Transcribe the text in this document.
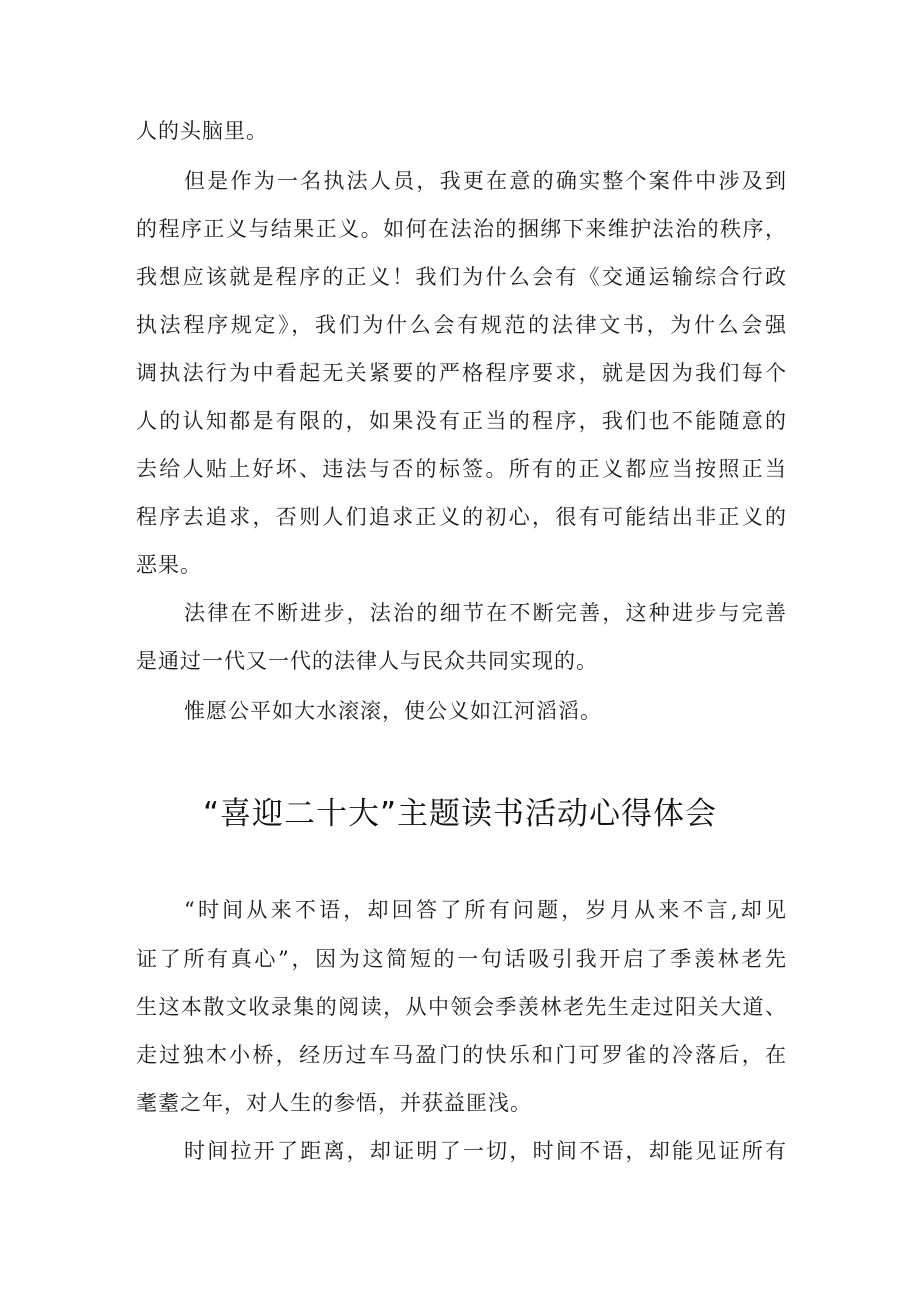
人的头脑里。
但是作为一名执法人员，我更在意的确实整个案件中涉及到
的程序正义与结果正义。如何在法治的捆绑下来维护法治的秩序，
我想应该就是程序的正义！我们为什么会有《交通运输综合行政
执法程序规定》，我们为什么会有规范的法律文书，为什么会强
调执法行为中看起无关紧要的严格程序要求，就是因为我们每个
人的认知都是有限的，如果没有正当的程序，我们也不能随意的
去给人贴上好坏、违法与否的标签。所有的正义都应当按照正当
程序去追求，否则人们追求正义的初心，很有可能结出非正义的
恶果。
法律在不断进步，法治的细节在不断完善，这种进步与完善
是通过一代又一代的法律人与民众共同实现的。
惟愿公平如大水滚滚，使公义如江河滔滔。
“喜迎二十大”主题读书活动心得体会
“时间从来不语，却回答了所有问题，岁月从来不言,却见
证了所有真心”，因为这简短的一句话吸引我开启了季羡林老先
生这本散文收录集的阅读，从中领会季羡林老先生走过阳关大道、
走过独木小桥，经历过车马盈门的快乐和门可罗雀的冷落后，在
耄耋之年，对人生的参悟，并获益匪浅。
时间拉开了距离，却证明了一切，时间不语，却能见证所有
